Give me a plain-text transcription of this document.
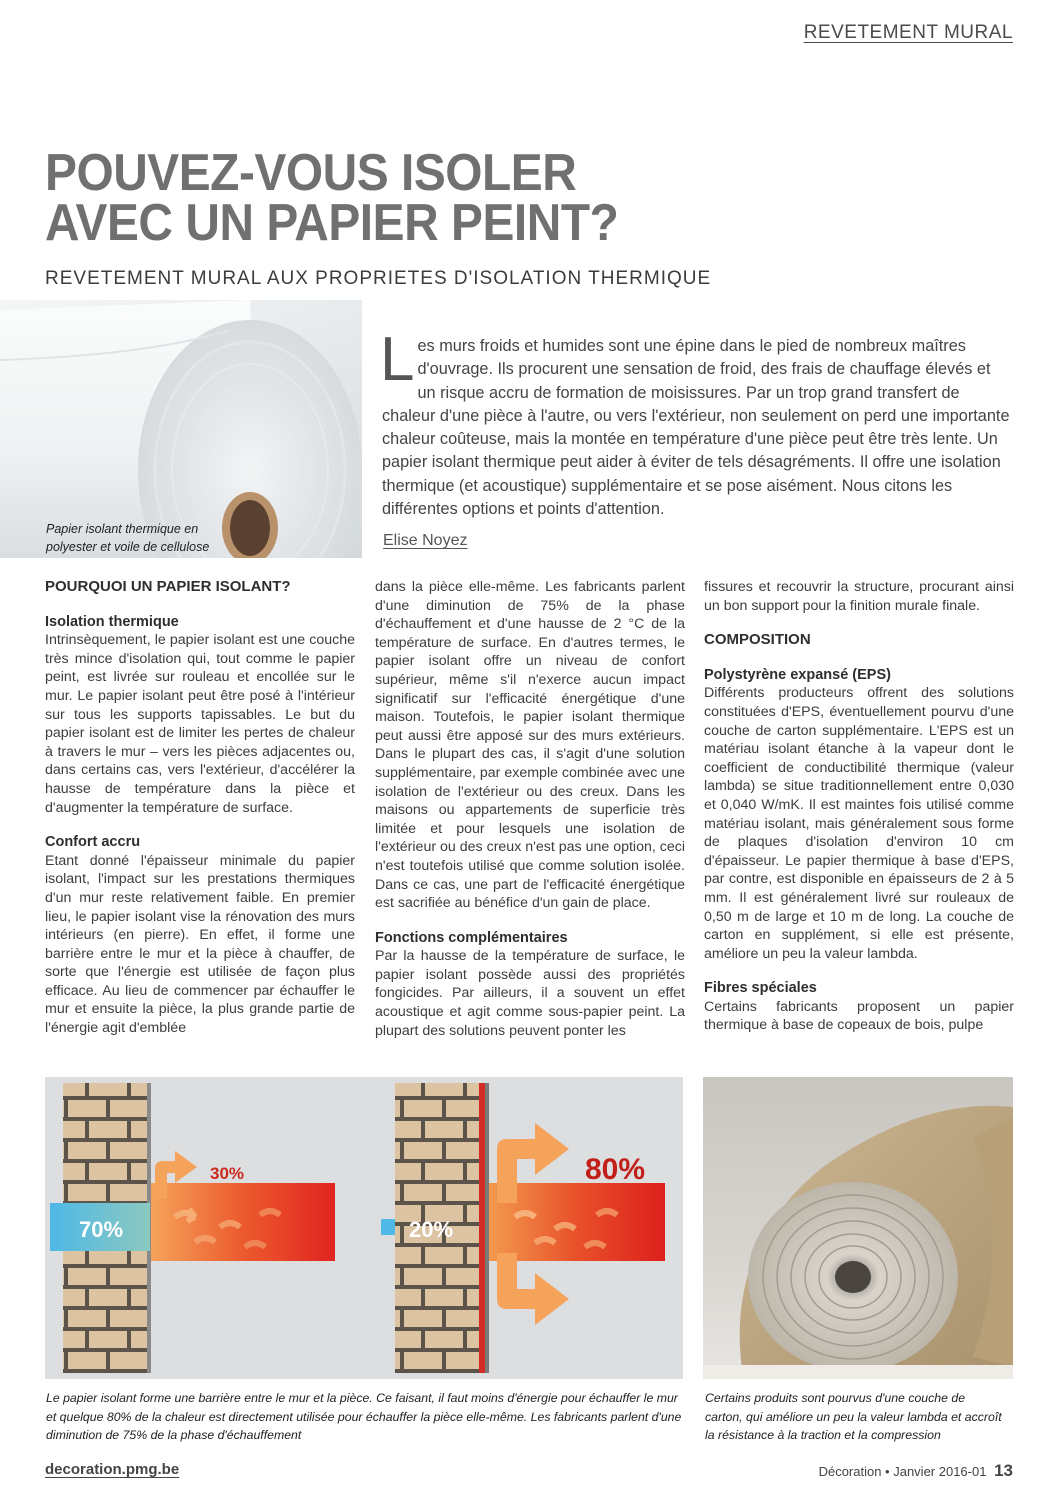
REVETEMENT MURAL
POUVEZ-VOUS ISOLER
AVEC UN PAPIER PEINT?
REVETEMENT MURAL AUX PROPRIETES D'ISOLATION THERMIQUE
Papier isolant thermique en
polyester et voile de cellulose
Les murs froids et humides sont une épine dans le pied de nombreux maîtres d'ouvrage. Ils procurent une sensation de froid, des frais de chauffage élevés et un risque accru de formation de moisissures. Par un trop grand transfert de chaleur d'une pièce à l'autre, ou vers l'extérieur, non seulement on perd une importante chaleur coûteuse, mais la montée en température d'une pièce peut être très lente. Un papier isolant thermique peut aider à éviter de tels désagréments. Il offre une isolation thermique (et acoustique) supplémentaire et se pose aisément. Nous citons les différentes options et points d'attention.
Elise Noyez
POURQUOI UN PAPIER ISOLANT?
Isolation thermique

Intrinsèquement, le papier isolant est une couche très mince d'isolation qui, tout comme le papier peint, est livrée sur rouleau et encollée sur le mur. Le papier isolant peut être posé à l'intérieur sur tous les supports tapissables. Le but du papier isolant est de limiter les pertes de chaleur à travers le mur – vers les pièces adjacentes ou, dans certains cas, vers l'extérieur, d'accélérer la hausse de température dans la pièce et d'augmenter la température de surface.

Confort accru

Etant donné l'épaisseur minimale du papier isolant, l'impact sur les prestations thermiques d'un mur reste relativement faible. En premier lieu, le papier isolant vise la rénovation des murs intérieurs (en pierre). En effet, il forme une barrière entre le mur et la pièce à chauffer, de sorte que l'énergie est utilisée de façon plus efficace. Au lieu de commencer par échauffer le mur et ensuite la pièce, la plus grande partie de l'énergie agit d'emblée

dans la pièce elle-même. Les fabricants parlent d'une diminution de 75% de la phase d'échauffement et d'une hausse de 2 °C de la température de surface. En d'autres termes, le papier isolant offre un niveau de confort supérieur, même s'il n'exerce aucun impact significatif sur l'efficacité énergétique d'une maison. Toutefois, le papier isolant thermique peut aussi être apposé sur des murs extérieurs. Dans le plupart des cas, il s'agit d'une solution supplémentaire, par exemple combinée avec une isolation de l'extérieur ou des creux. Dans les maisons ou appartements de superficie très limitée et pour lesquels une isolation de l'extérieur ou des creux n'est pas une option, ceci n'est toutefois utilisé que comme solution isolée. Dans ce cas, une part de l'efficacité énergétique est sacrifiée au bénéfice d'un gain de place.

Fonctions complémentaires

Par la hausse de la température de surface, le papier isolant possède aussi des propriétés fongicides. Par ailleurs, il a souvent un effet acoustique et agit comme sous-papier peint. La plupart des solutions peuvent ponter les

fissures et recouvrir la structure, procurant ainsi un bon support pour la finition murale finale.

COMPOSITION
Polystyrène expansé (EPS)

Différents producteurs offrent des solutions constituées d'EPS, éventuellement pourvu d'une couche de carton supplémentaire. L'EPS est un matériau isolant étanche à la vapeur dont le coefficient de conductibilité thermique (valeur lambda) se situe traditionnellement entre 0,030 et 0,040 W/mK. Il est maintes fois utilisé comme matériau isolant, mais généralement sous forme de plaques d'isolation d'environ 10 cm d'épaisseur. Le papier thermique à base d'EPS, par contre, est disponible en épaisseurs de 2 à 5 mm. Il est généralement livré sur rouleaux de 0,50 m de large et 10 m de long. La couche de carton en supplément, si elle est présente, améliore un peu la valeur lambda.

Fibres spéciales

Certains fabricants proposent un papier thermique à base de copeaux de bois, pulpe

70%
30%
20%
80%
Le papier isolant forme une barrière entre le mur et la pièce. Ce faisant, il faut moins d'énergie pour échauffer le mur et quelque 80% de la chaleur est directement utilisée pour échauffer la pièce elle-même. Les fabricants parlent d'une diminution de 75% de la phase d'échauffement
Certains produits sont pourvus d'une couche de carton, qui améliore un peu la valeur lambda et accroît la résistance à la traction et la compression
decoration.pmg.be	Décoration • Janvier 2016-01 13
